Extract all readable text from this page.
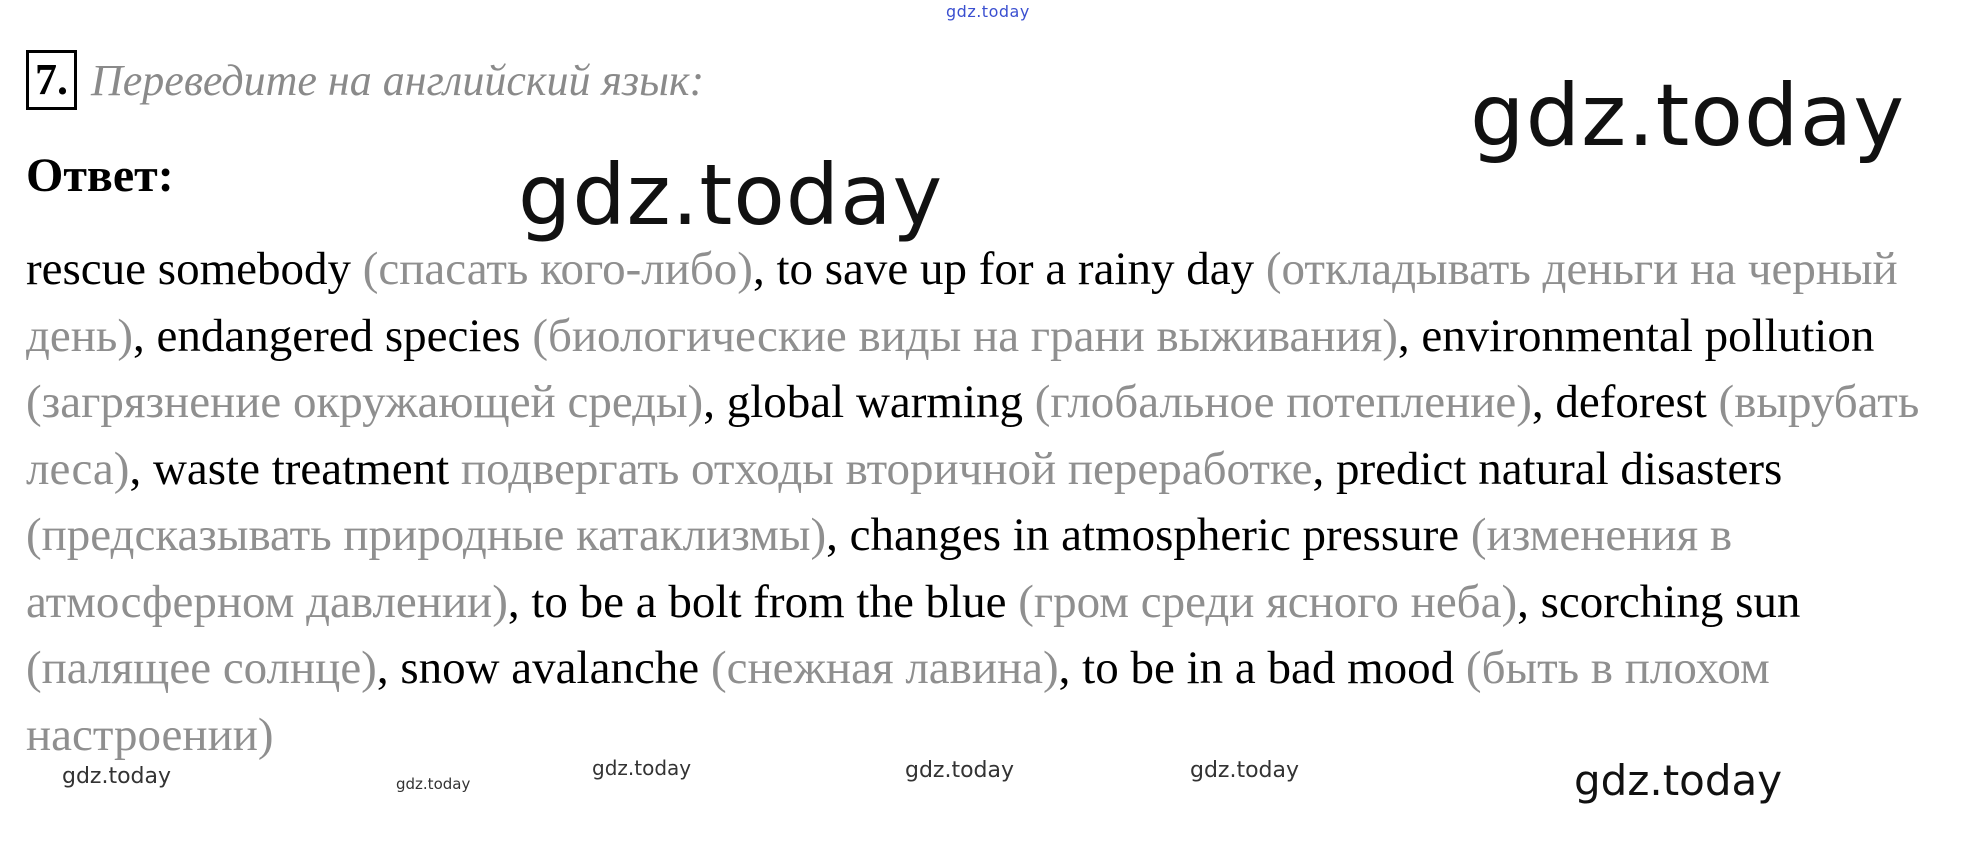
gdz.today
7. Переведите на английский язык:	gdz.today
Ответ:	gdz.today
rescue somebody (спасать кого-либо), to save up for a rainy day (откладывать деньги на черный день), endangered species (биологические виды на грани выживания), environmental pollution (загрязнение окружающей среды), global warming (глобальное потепление), deforest (вырубать леса), waste treatment подвергать отходы вторичной переработке, predict natural disasters (предсказывать природные катаклизмы), changes in atmospheric pressure (изменения в атмосферном давлении), to be a bolt from the blue (гром среди ясного неба), scorching sun (палящее солнце), snow avalanche (снежная лавина), to be in a bad mood (быть в плохом настроении)
gdz.today	gdz.today
gdz.today	gdz.today	gdz.today	gdz.today
